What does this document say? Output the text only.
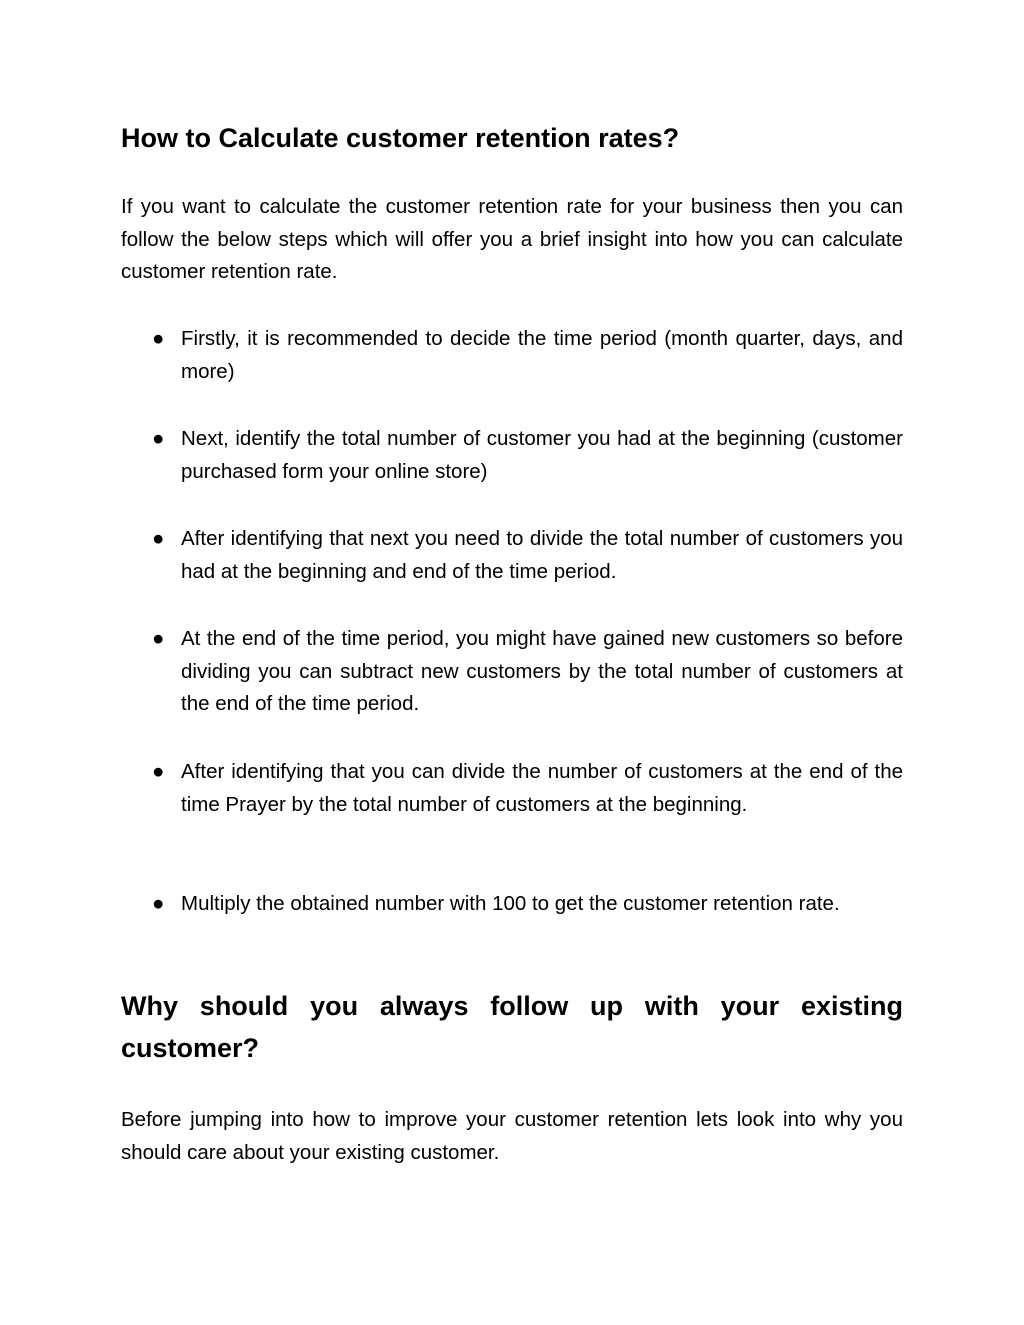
How to Calculate customer retention rates?

If you want to calculate the customer retention rate for your business then you can follow the below steps which will offer you a brief insight into how you can calculate customer retention rate.

● Firstly, it is recommended to decide the time period (month quarter, days, and more)

● Next, identify the total number of customer you had at the beginning (customer purchased form your online store)

● After identifying that next you need to divide the total number of customers you had at the beginning and end of the time period.

● At the end of the time period, you might have gained new customers so before dividing you can subtract new customers by the total number of customers at the end of the time period.

● After identifying that you can divide the number of customers at the end of the time Prayer by the total number of customers at the beginning.

● Multiply the obtained number with 100 to get the customer retention rate.

Why should you always follow up with your existing customer?

Before jumping into how to improve your customer retention lets look into why you should care about your existing customer.
